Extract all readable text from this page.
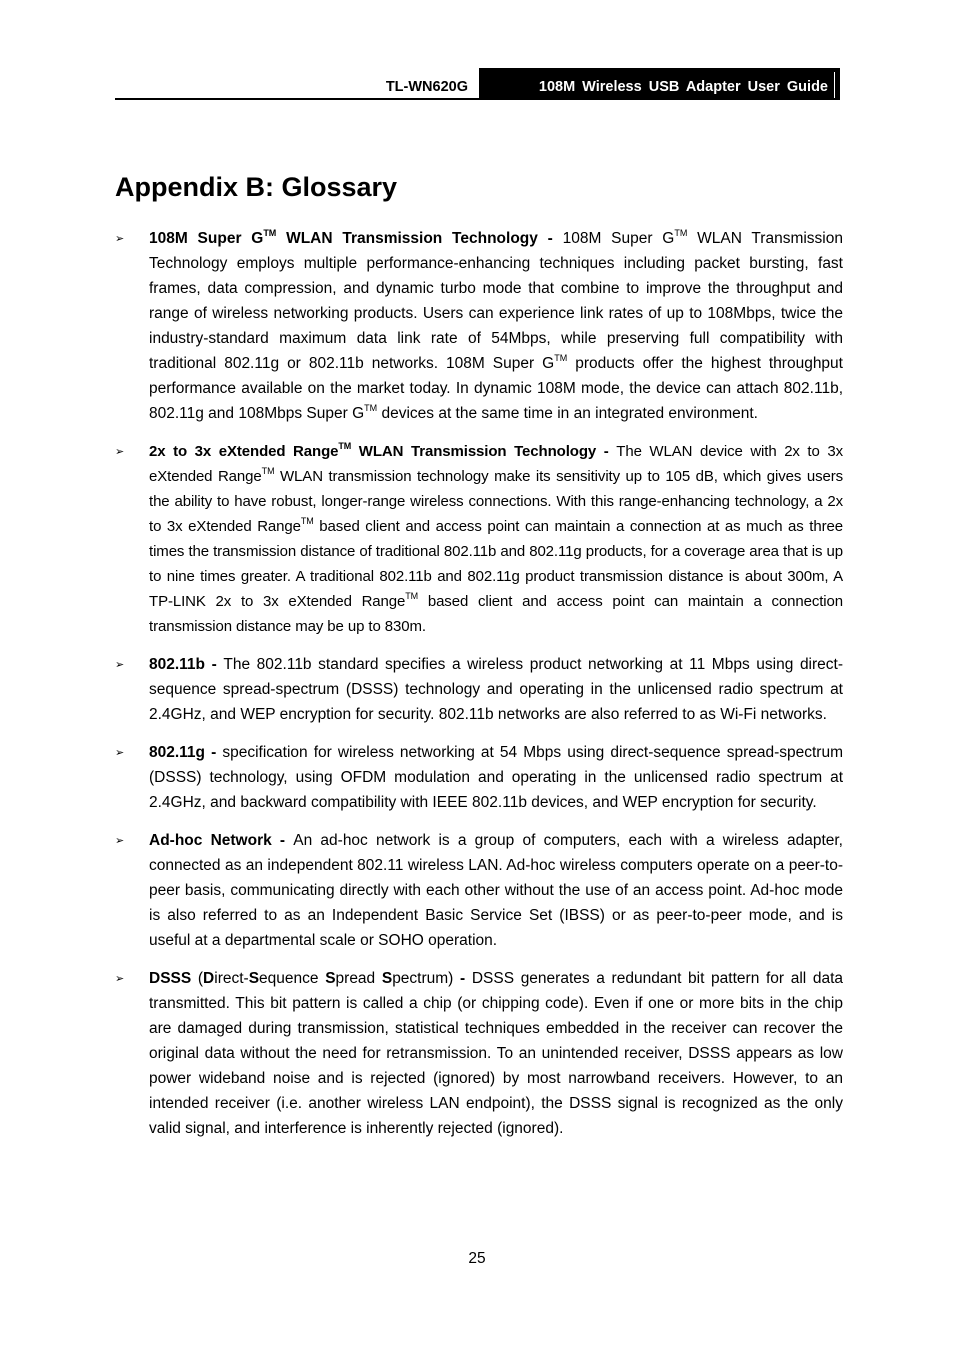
TL-WN620G	108M Wireless USB Adapter User Guide
Appendix B: Glossary
➢ 108M Super G™ WLAN Transmission Technology - 108M Super G™ WLAN Transmission Technology employs multiple performance-enhancing techniques including packet bursting, fast frames, data compression, and dynamic turbo mode that combine to improve the throughput and range of wireless networking products. Users can experience link rates of up to 108Mbps, twice the industry-standard maximum data link rate of 54Mbps, while preserving full compatibility with traditional 802.11g or 802.11b networks. 108M Super G™ products offer the highest throughput performance available on the market today. In dynamic 108M mode, the device can attach 802.11b, 802.11g and 108Mbps Super G™ devices at the same time in an integrated environment.
➢ 2x to 3x eXtended Range™ WLAN Transmission Technology - The WLAN device with 2x to 3x eXtended Range™ WLAN transmission technology make its sensitivity up to 105 dB, which gives users the ability to have robust, longer-range wireless connections. With this range-enhancing technology, a 2x to 3x eXtended Range™ based client and access point can maintain a connection at as much as three times the transmission distance of traditional 802.11b and 802.11g products, for a coverage area that is up to nine times greater. A traditional 802.11b and 802.11g product transmission distance is about 300m, A TP-LINK 2x to 3x eXtended Range™ based client and access point can maintain a connection transmission distance may be up to 830m.
➢ 802.11b - The 802.11b standard specifies a wireless product networking at 11 Mbps using direct-sequence spread-spectrum (DSSS) technology and operating in the unlicensed radio spectrum at 2.4GHz, and WEP encryption for security. 802.11b networks are also referred to as Wi-Fi networks.
➢ 802.11g - specification for wireless networking at 54 Mbps using direct-sequence spread-spectrum (DSSS) technology, using OFDM modulation and operating in the unlicensed radio spectrum at 2.4GHz, and backward compatibility with IEEE 802.11b devices, and WEP encryption for security.
➢ Ad-hoc Network - An ad-hoc network is a group of computers, each with a wireless adapter, connected as an independent 802.11 wireless LAN. Ad-hoc wireless computers operate on a peer-to-peer basis, communicating directly with each other without the use of an access point. Ad-hoc mode is also referred to as an Independent Basic Service Set (IBSS) or as peer-to-peer mode, and is useful at a departmental scale or SOHO operation.
➢ DSSS (Direct-Sequence Spread Spectrum) - DSSS generates a redundant bit pattern for all data transmitted. This bit pattern is called a chip (or chipping code). Even if one or more bits in the chip are damaged during transmission, statistical techniques embedded in the receiver can recover the original data without the need for retransmission. To an unintended receiver, DSSS appears as low power wideband noise and is rejected (ignored) by most narrowband receivers. However, to an intended receiver (i.e. another wireless LAN endpoint), the DSSS signal is recognized as the only valid signal, and interference is inherently rejected (ignored).
25
